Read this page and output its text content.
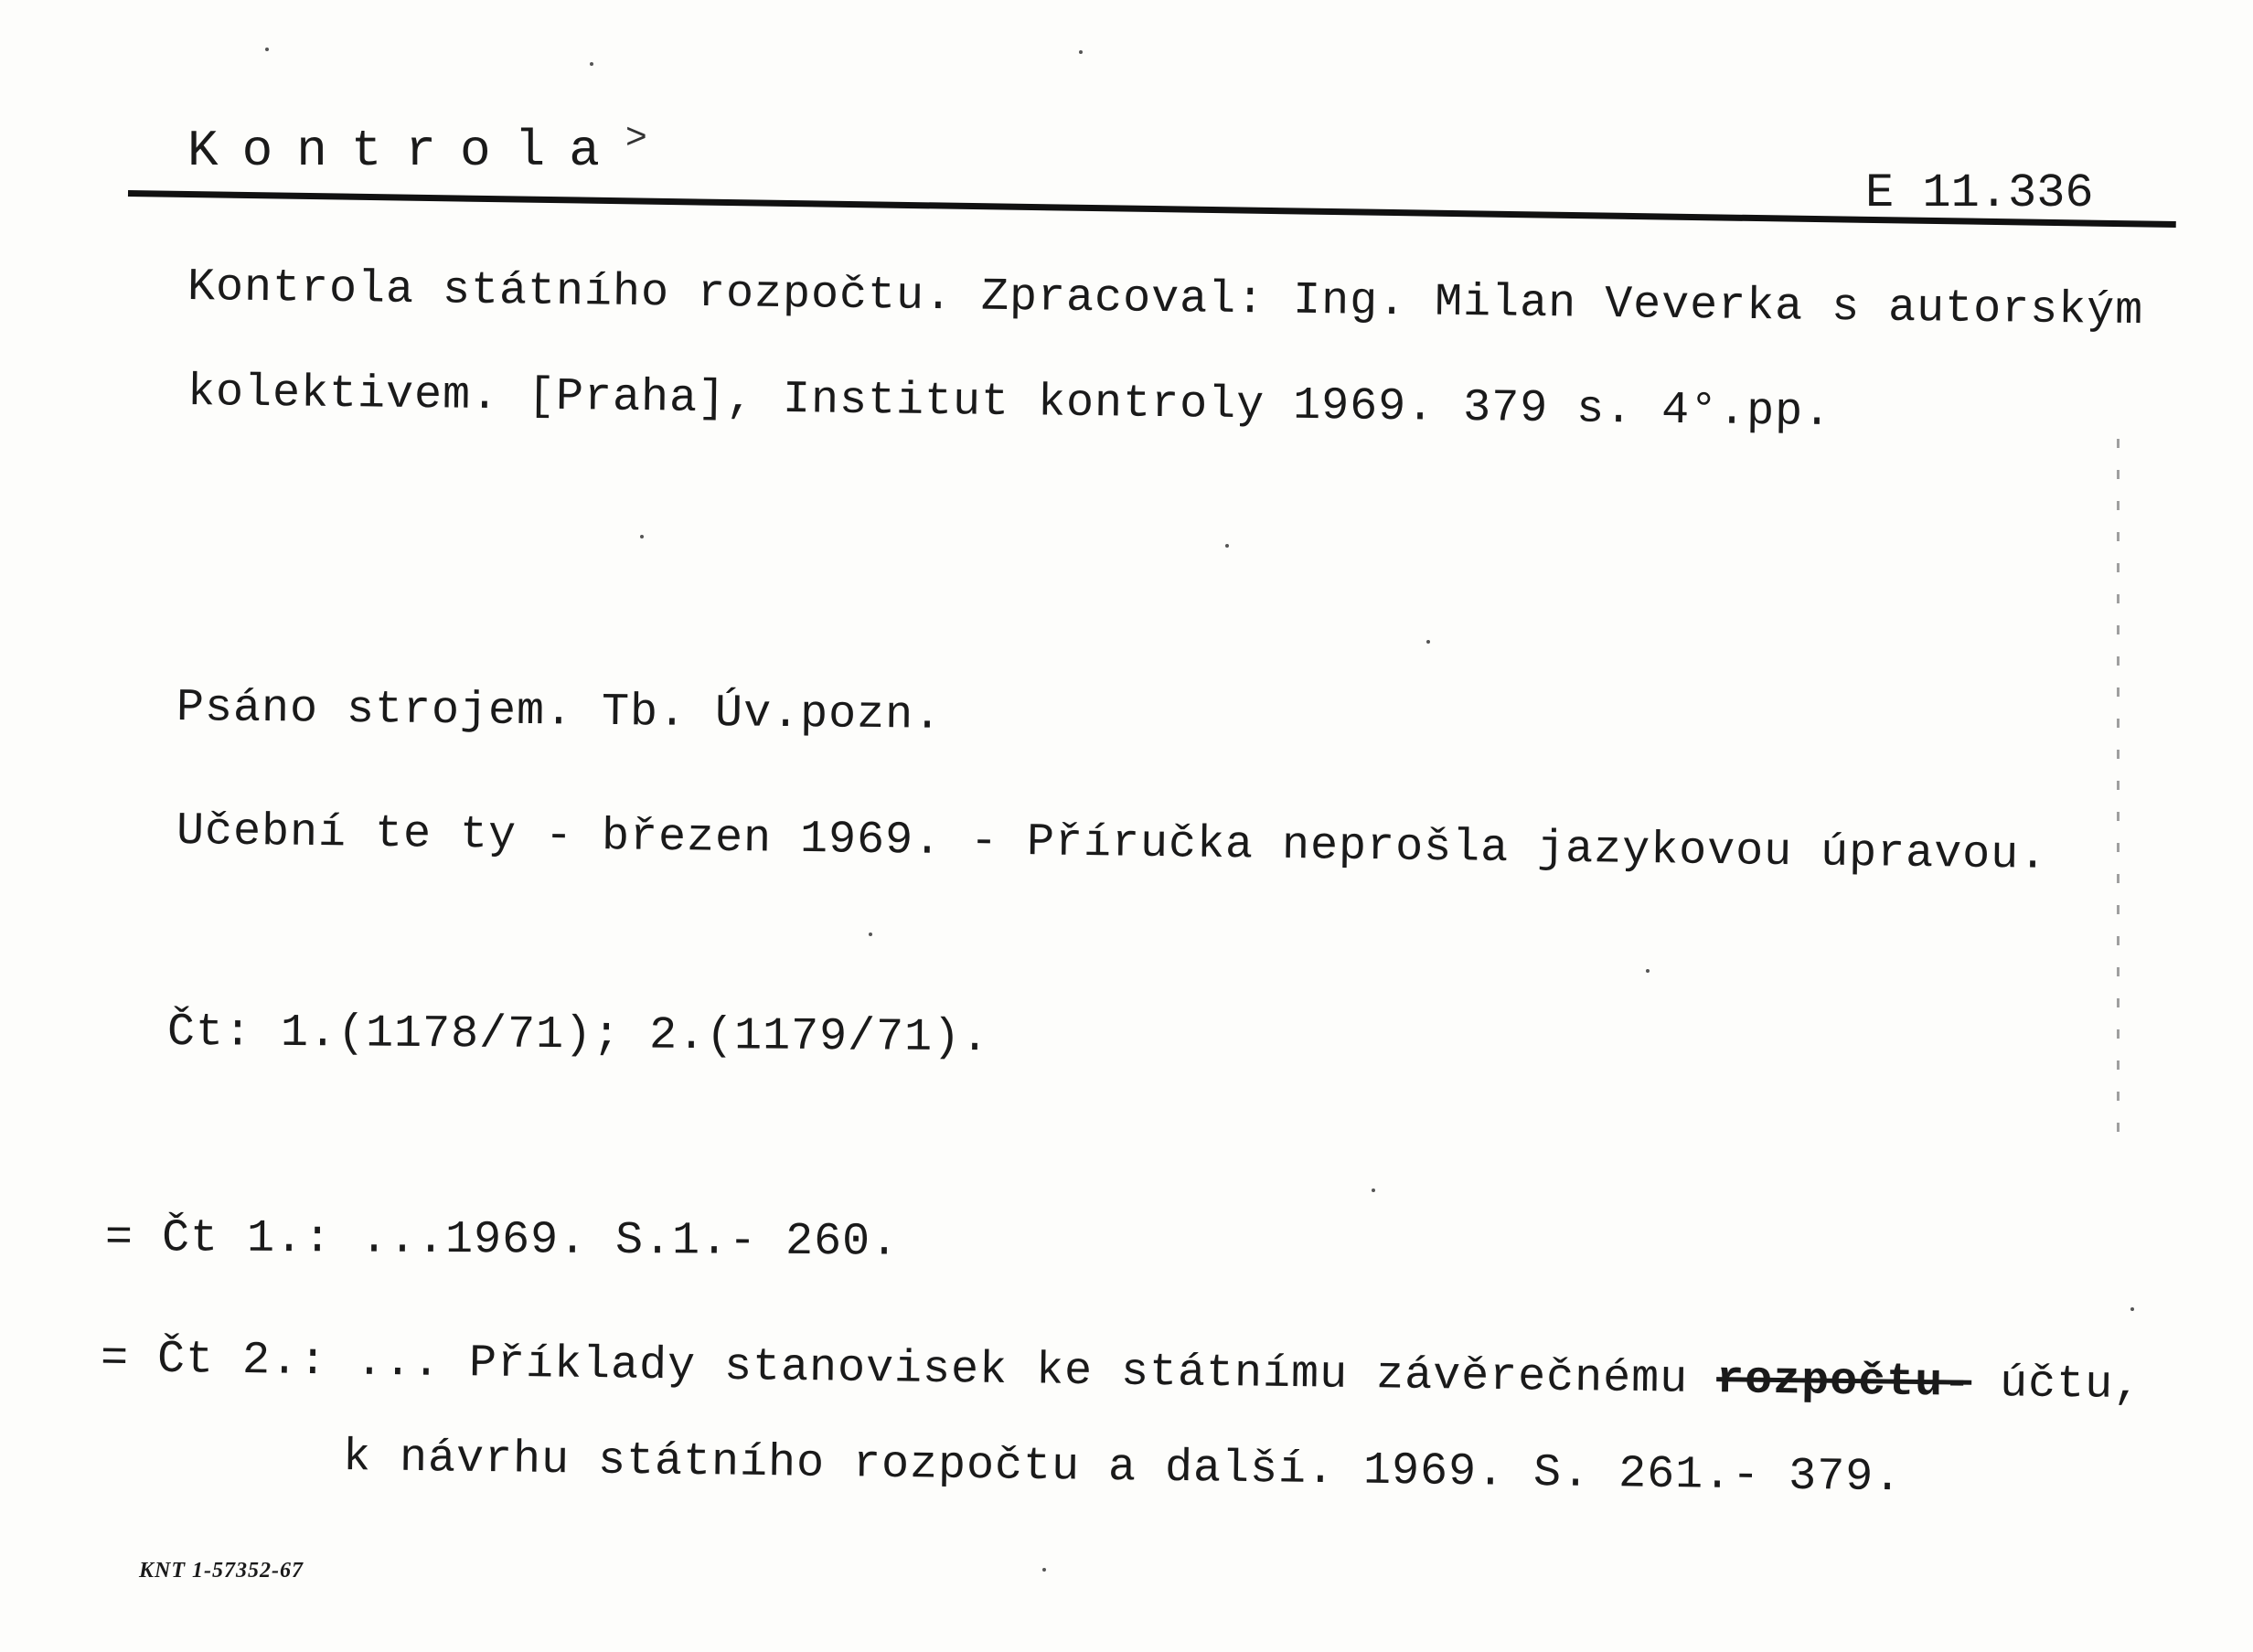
Kontrola>
E 11.336
Kontrola státního rozpočtu. Zpracoval: Ing. Milan Veverka s autorským
kolektivem. [Praha], Institut kontroly 1969. 379 s. 4°.pp.
Psáno strojem. Tb. Úv.pozn.
Učební te ty - březen 1969. - Příručka neprošla jazykovou úpravou.
Čt: 1.(1178/71); 2.(1179/71).
= Čt 1.: ...1969. S.1.- 260.
= Čt 2.: ... Příklady stanovisek ke státnímu závěrečnému rozpočtu- účtu,
k návrhu státního rozpočtu a další. 1969. S. 261.- 379.
KNT 1-57352-67
